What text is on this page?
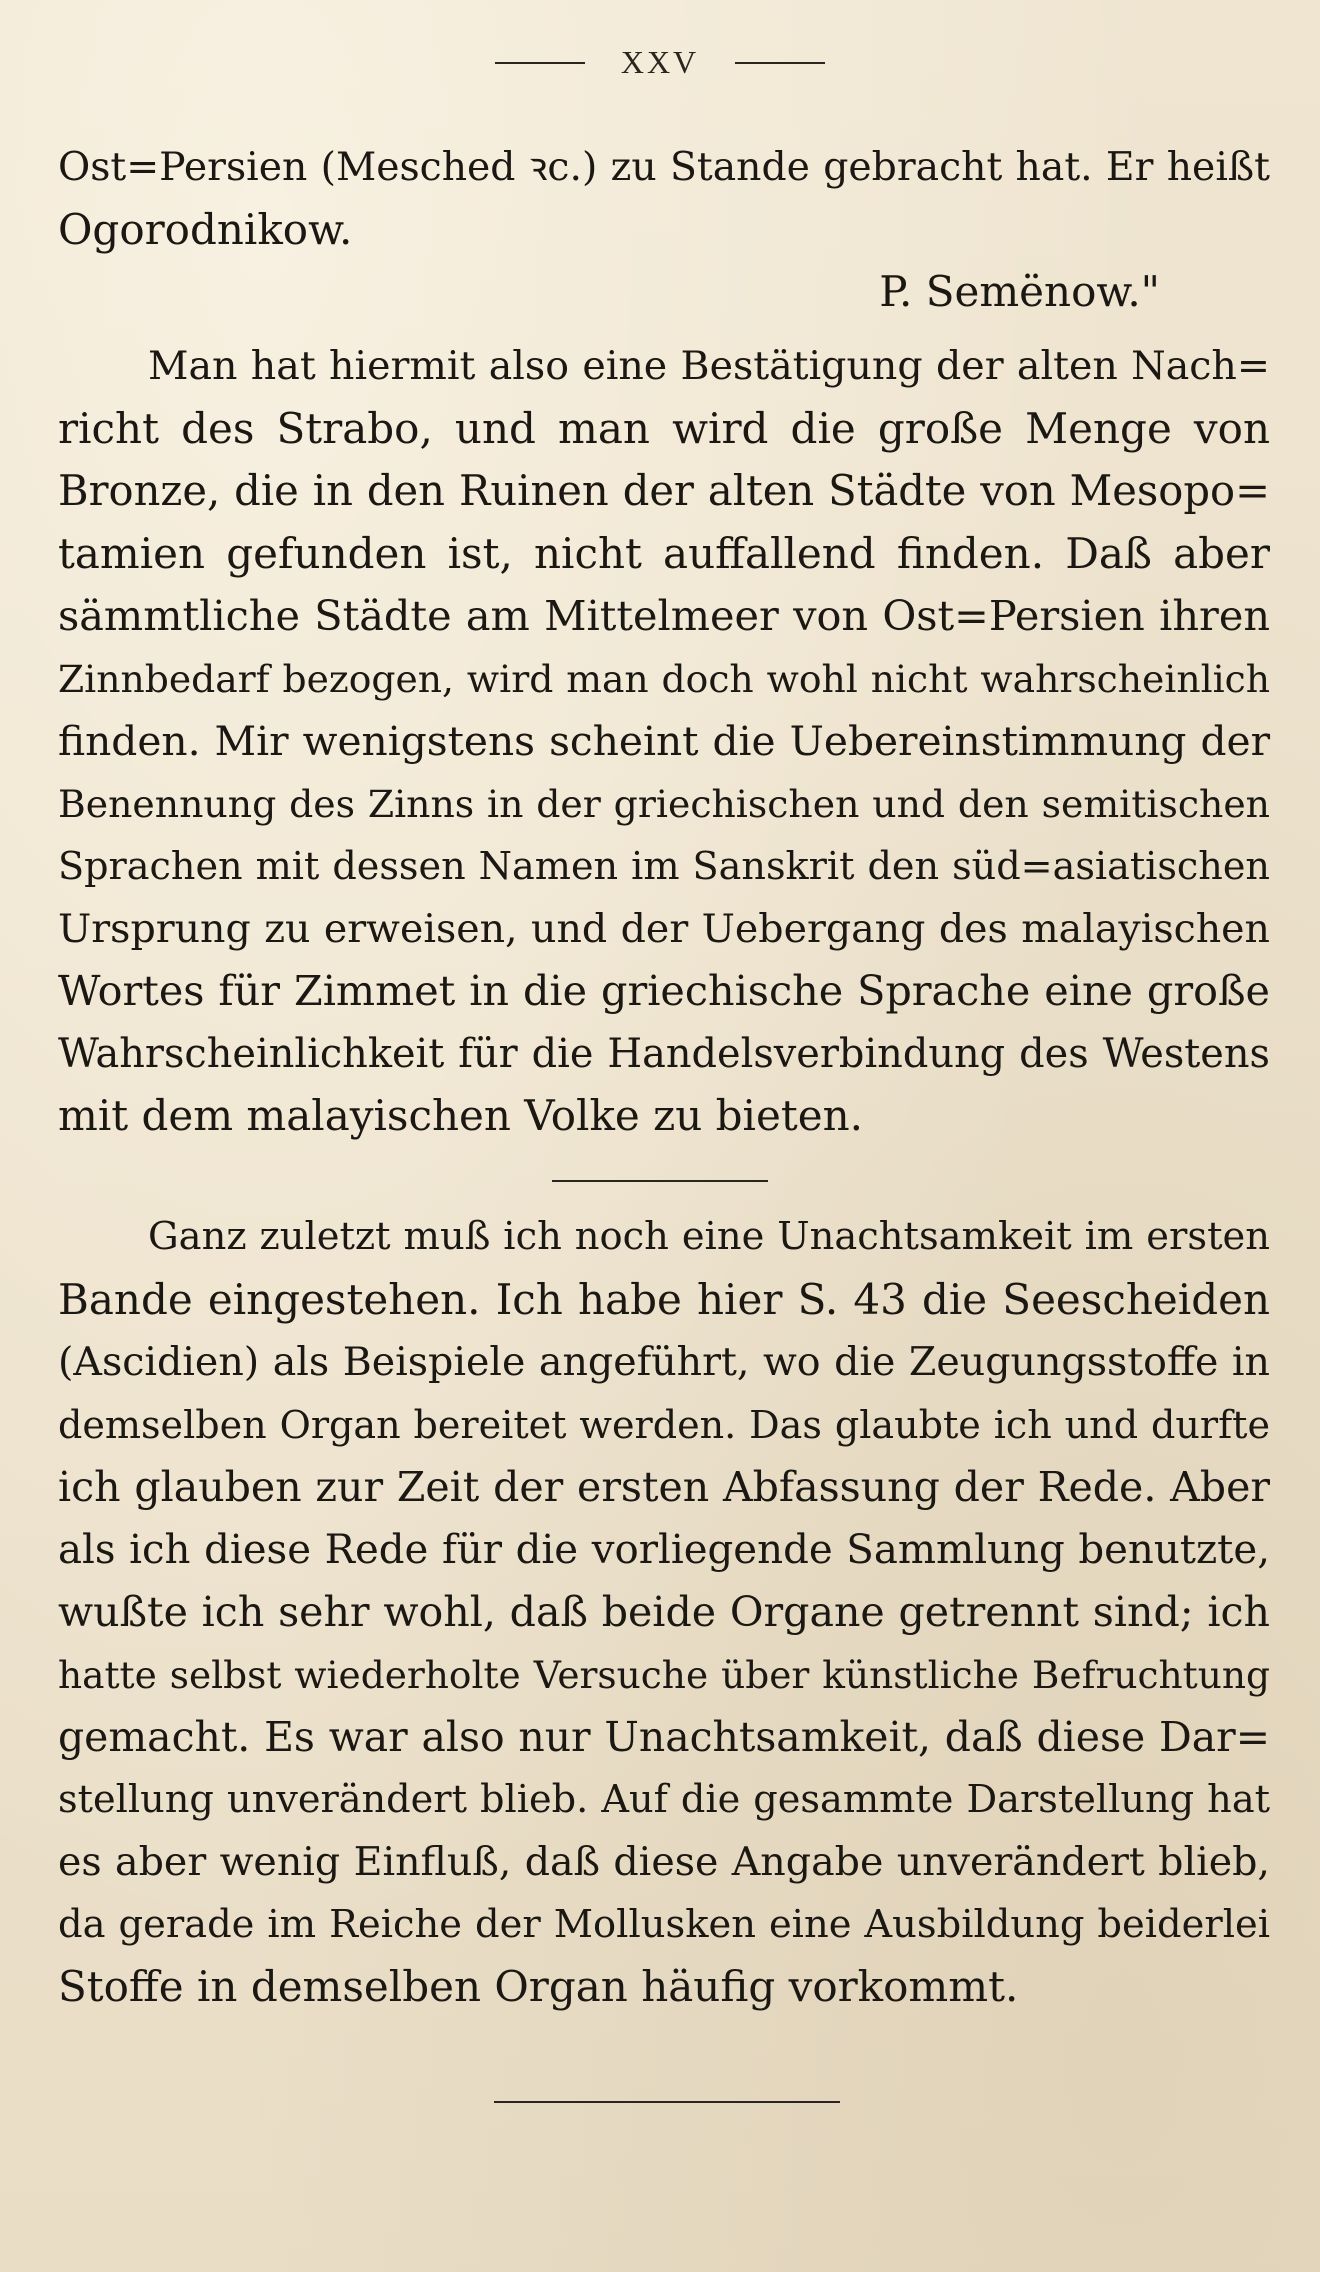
XXV
Ost=Persien (Mesched ꝛc.) zu Stande gebracht hat. Er heißt
Ogorodnikow.
P. Semënow."
Man hat hiermit also eine Bestätigung der alten Nach=
richt des Strabo, und man wird die große Menge von
Bronze, die in den Ruinen der alten Städte von Mesopo=
tamien gefunden ist, nicht auffallend finden. Daß aber
sämmtliche Städte am Mittelmeer von Ost=Persien ihren
Zinnbedarf bezogen, wird man doch wohl nicht wahrscheinlich
finden. Mir wenigstens scheint die Uebereinstimmung der
Benennung des Zinns in der griechischen und den semitischen
Sprachen mit dessen Namen im Sanskrit den süd=asiatischen
Ursprung zu erweisen, und der Uebergang des malayischen
Wortes für Zimmet in die griechische Sprache eine große
Wahrscheinlichkeit für die Handelsverbindung des Westens
mit dem malayischen Volke zu bieten.
Ganz zuletzt muß ich noch eine Unachtsamkeit im ersten
Bande eingestehen. Ich habe hier S. 43 die Seescheiden
(Ascidien) als Beispiele angeführt, wo die Zeugungsstoffe in
demselben Organ bereitet werden. Das glaubte ich und durfte
ich glauben zur Zeit der ersten Abfassung der Rede. Aber
als ich diese Rede für die vorliegende Sammlung benutzte,
wußte ich sehr wohl, daß beide Organe getrennt sind; ich
hatte selbst wiederholte Versuche über künstliche Befruchtung
gemacht. Es war also nur Unachtsamkeit, daß diese Dar=
stellung unverändert blieb. Auf die gesammte Darstellung hat
es aber wenig Einfluß, daß diese Angabe unverändert blieb,
da gerade im Reiche der Mollusken eine Ausbildung beiderlei
Stoffe in demselben Organ häufig vorkommt.
